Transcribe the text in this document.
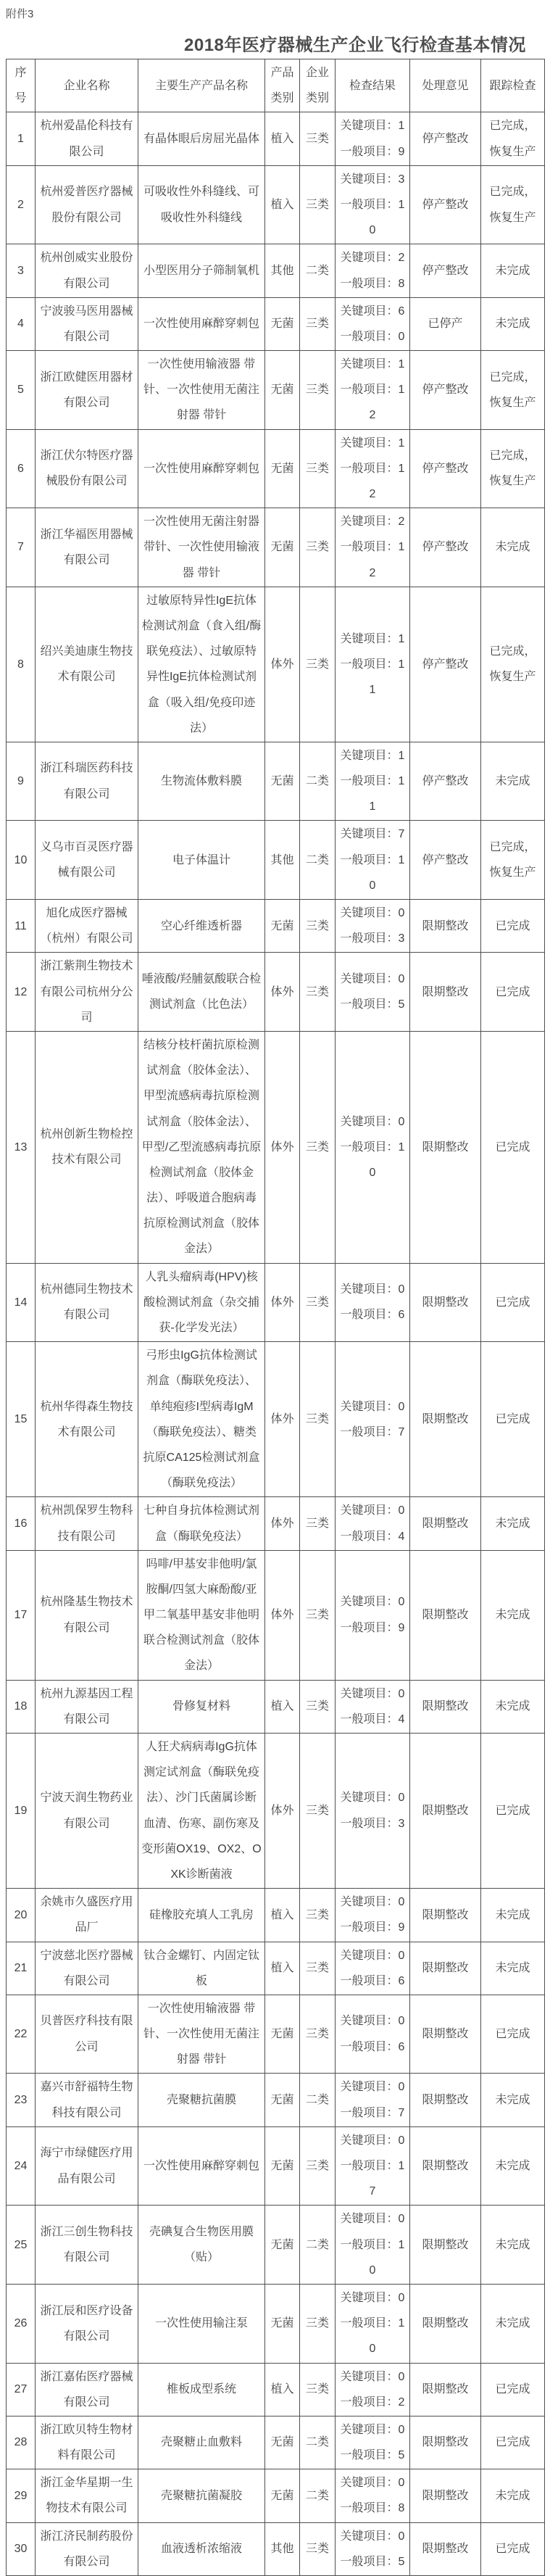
附件3
2018年医疗器械生产企业飞行检查基本情况
序号	企业名称	主要生产产品名称	产品类别	企业类别	检查结果	处理意见	跟踪检查
1	杭州爱晶伦科技有限公司	有晶体眼后房屈光晶体	植入	三类	关键项目：1
一般项目：9	停产整改	已完成，恢复生产
2	杭州爱普医疗器械股份有限公司	可吸收性外科缝线、可吸收性外科缝线	植入	三类	关键项目：3
一般项目：10	停产整改	已完成，恢复生产
3	杭州创威实业股份有限公司	小型医用分子筛制氧机	其他	二类	关键项目：2
一般项目：8	停产整改	未完成
4	宁波骏马医用器械有限公司	一次性使用麻醉穿刺包	无菌	三类	关键项目：6
一般项目：0	已停产	未完成
5	浙江欧健医用器材有限公司	一次性使用输液器 带针、一次性使用无菌注射器 带针	无菌	三类	关键项目：1
一般项目：12	停产整改	已完成，恢复生产
6	浙江伏尔特医疗器械股份有限公司	一次性使用麻醉穿刺包	无菌	三类	关键项目：1
一般项目：12	停产整改	已完成，恢复生产
7	浙江华福医用器械有限公司	一次性使用无菌注射器 带针、一次性使用输液器 带针	无菌	三类	关键项目：2
一般项目：12	停产整改	未完成
8	绍兴美迪康生物技术有限公司	过敏原特异性IgE抗体检测试剂盒（食入组/酶联免疫法）、过敏原特异性IgE抗体检测试剂盒（吸入组/免疫印迹法）	体外	三类	关键项目：1
一般项目：11	停产整改	已完成，恢复生产
9	浙江科瑞医药科技有限公司	生物流体敷料膜	无菌	二类	关键项目：1
一般项目：11	停产整改	未完成
10	义乌市百灵医疗器械有限公司	电子体温计	其他	二类	关键项目：7
一般项目：10	停产整改	已完成，恢复生产
11	旭化成医疗器械（杭州）有限公司	空心纤维透析器	无菌	三类	关键项目：0
一般项目：3	限期整改	已完成
12	浙江紫荆生物技术有限公司杭州分公司	唾液酸/羟脯氨酸联合检测试剂盒（比色法）	体外	三类	关键项目：0
一般项目：5	限期整改	已完成
13	杭州创新生物检控技术有限公司	结核分枝杆菌抗原检测试剂盒（胶体金法）、甲型流感病毒抗原检测试剂盒（胶体金法）、甲型/乙型流感病毒抗原检测试剂盒（胶体金法）、呼吸道合胞病毒抗原检测试剂盒（胶体金法）	体外	三类	关键项目：0
一般项目：10	限期整改	已完成
14	杭州德同生物技术有限公司	人乳头瘤病毒(HPV)核酸检测试剂盒（杂交捕获-化学发光法）	体外	三类	关键项目：0
一般项目：6	限期整改	已完成
15	杭州华得森生物技术有限公司	弓形虫IgG抗体检测试剂盒（酶联免疫法）、单纯疱疹I型病毒IgM（酶联免疫法）、糖类抗原CA125检测试剂盒（酶联免疫法）	体外	三类	关键项目：0
一般项目：7	限期整改	已完成
16	杭州凯保罗生物科技有限公司	七种自身抗体检测试剂盒（酶联免疫法）	体外	三类	关键项目：0
一般项目：4	限期整改	未完成
17	杭州隆基生物技术有限公司	吗啡/甲基安非他明/氯胺酮/四氢大麻酚酸/亚甲二氧基甲基安非他明联合检测试剂盒（胶体金法）	体外	三类	关键项目：0
一般项目：9	限期整改	未完成
18	杭州九源基因工程有限公司	骨修复材料	植入	三类	关键项目：0
一般项目：4	限期整改	未完成
19	宁波天润生物药业有限公司	人狂犬病病毒IgG抗体测定试剂盒（酶联免疫法）、沙门氏菌属诊断血清、伤寒、副伤寒及变形菌OX19、OX2、OXK诊断菌液	体外	三类	关键项目：0
一般项目：3	限期整改	已完成
20	余姚市久盛医疗用品厂	硅橡胶充填人工乳房	植入	三类	关键项目：0
一般项目：9	限期整改	未完成
21	宁波慈北医疗器械有限公司	钛合金螺钉、内固定钛板	植入	三类	关键项目：0
一般项目：6	限期整改	未完成
22	贝普医疗科技有限公司	一次性使用输液器 带针、一次性使用无菌注射器 带针	无菌	三类	关键项目：0
一般项目：6	限期整改	已完成
23	嘉兴市舒福特生物科技有限公司	壳聚糖抗菌膜	无菌	二类	关键项目：0
一般项目：7	限期整改	未完成
24	海宁市绿健医疗用品有限公司	一次性使用麻醉穿刺包	无菌	三类	关键项目：0
一般项目：17	限期整改	未完成
25	浙江三创生物科技有限公司	壳碘复合生物医用膜（贴）	无菌	二类	关键项目：0
一般项目：10	限期整改	未完成
26	浙江辰和医疗设备有限公司	一次性使用输注泵	无菌	三类	关键项目：0
一般项目：10	限期整改	未完成
27	浙江嘉佑医疗器械有限公司	椎板成型系统	植入	三类	关键项目：0
一般项目：2	限期整改	已完成
28	浙江欧贝特生物材料有限公司	壳聚糖止血敷料	无菌	二类	关键项目：0
一般项目：5	限期整改	已完成
29	浙江金华星期一生物技术有限公司	壳聚糖抗菌凝胶	无菌	二类	关键项目：0
一般项目：8	限期整改	未完成
30	浙江济民制药股份有限公司	血液透析浓缩液	其他	三类	关键项目：0
一般项目：5	限期整改	已完成
